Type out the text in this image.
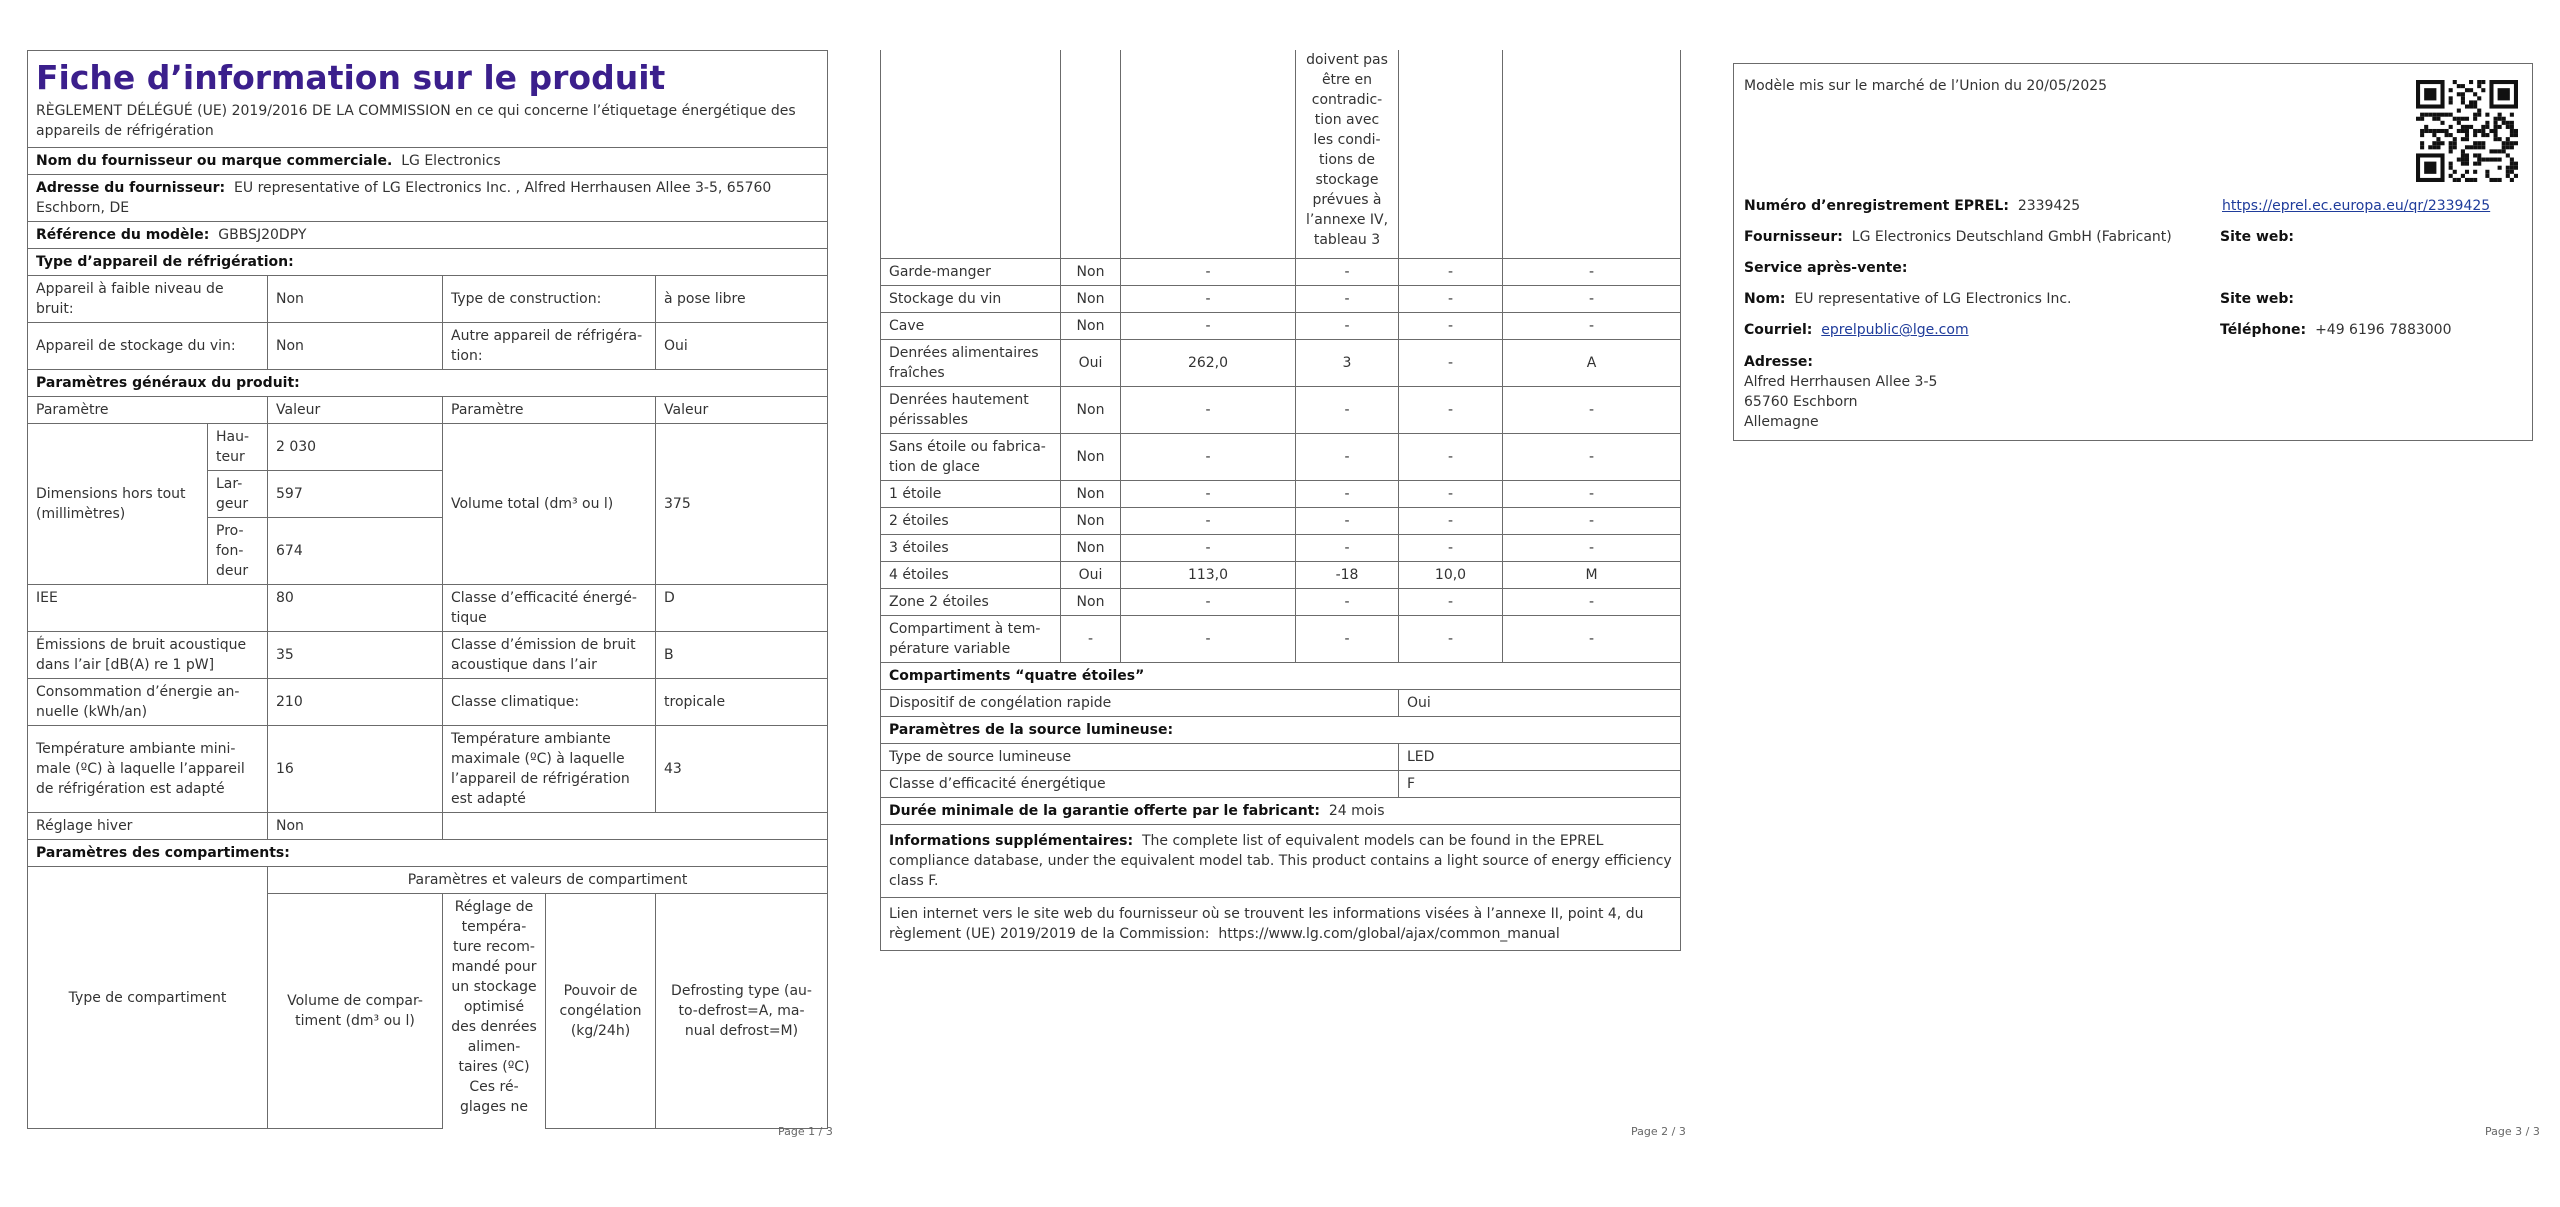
Fiche d’information sur le produit
RÈGLEMENT DÉLÉGUÉ (UE) 2019/2016 DE LA COMMISSION en ce qui concerne l’étiquetage énergétique des appareils de réfrigération					

Nom du fournisseur ou marque commerciale. LG Electronics					
Adresse du fournisseur: EU representative of LG Electronics Inc. , Alfred Herrhausen Allee 3-5, 65760 Eschborn, DE					
Référence du modèle: GBBSJ20DPY					
Type d’appareil de réfrigération:					
Appareil à faible niveau de bruit:		Non	Type de construction:		à pose libre
Appareil de stockage du vin:		Non	Autre appareil de réfrigéra-tion:		Oui
Paramètres généraux du produit:					
Paramètre		Valeur	Paramètre		Valeur
Dimensions hors tout (millimètres)	Hau-teur	2 030	Volume total (dm³ ou l)		375
	Lar-geur	597			
	Pro-fon-deur	674			
IEE		80	Classe d’efficacité énergé-tique		D
Émissions de bruit acoustique dans l’air [dB(A) re 1 pW]		35	Classe d’émission de bruit acoustique dans l’air		B
Consommation d’énergie an-nuelle (kWh/an)		210	Classe climatique:		tropicale
Température ambiante mini-male (ºC) à laquelle l’appareil de réfrigération est adapté		16	Température ambiante maximale (ºC) à laquelle l’appareil de réfrigération est adapté		43
Réglage hiver		Non			
Paramètres des compartiments:					
Type de compartiment		Paramètres et valeurs de compartiment			
		Volume de compar-timent (dm³ ou l)	Réglage de tempéra-ture recom-mandé pour un stockage optimisé des denrées alimen-taires (ºC) Ces ré-glages ne	Pouvoir de congélation (kg/24h)	Defrosting type (au-to-defrost=A, ma-nual defrost=M)
Page 1 / 3
			doivent pas être en contradic-tion avec les condi-tions de stockage prévues à l’annexe IV, tableau 3		
Garde-manger	Non	-	-	-	-
Stockage du vin	Non	-	-	-	-
Cave	Non	-	-	-	-
Denrées alimentaires fraîches	Oui	262,0	3	-	A
Denrées hautement périssables	Non	-	-	-	-
Sans étoile ou fabrica-tion de glace	Non	-	-	-	-
1 étoile	Non	-	-	-	-
2 étoiles	Non	-	-	-	-
3 étoiles	Non	-	-	-	-
4 étoiles	Oui	113,0	-18	10,0	M
Zone 2 étoiles	Non	-	-	-	-
Compartiment à tem-pérature variable	-	-	-	-	-
Compartiments “quatre étoiles”					
Dispositif de congélation rapide				Oui	
Paramètres de la source lumineuse:					
Type de source lumineuse				LED	
Classe d’efficacité énergétique				F	
Durée minimale de la garantie offerte par le fabricant: 24 mois					
Informations supplémentaires: The complete list of equivalent models can be found in the EPREL compliance database, under the equivalent model tab. This product contains a light source of energy efficiency class F.					
Lien internet vers le site web du fournisseur où se trouvent les informations visées à l’annexe II, point 4, du règlement (UE) 2019/2019 de la Commission: https://www.lg.com/global/ajax/common_manual					
Page 2 / 3
Modèle mis sur le marché de l’Union du 20/05/2025
Numéro d’enregistrement EPREL: 2339425	https://eprel.ec.europa.eu/qr/2339425
Fournisseur: LG Electronics Deutschland GmbH (Fabricant)	Site web:
Service après-vente:
Nom: EU representative of LG Electronics Inc.	Site web:
Courriel: eprelpublic@lge.com	Téléphone: +49 6196 7883000
Adresse:
Alfred Herrhausen Allee 3-5
65760 Eschborn
Allemagne
Page 3 / 3
